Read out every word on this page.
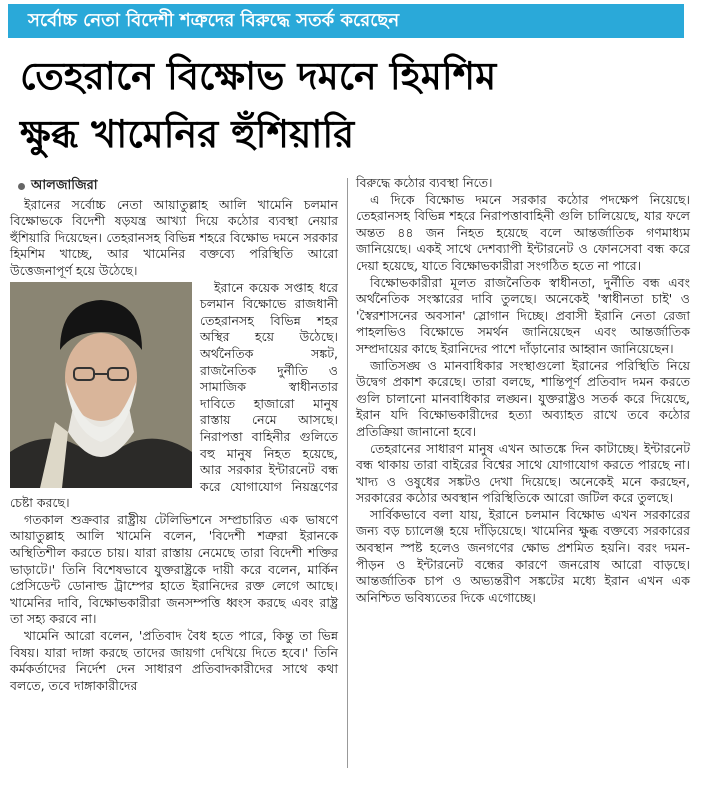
সর্বোচ্চ নেতা বিদেশী শত্রুদের বিরুদ্ধে সতর্ক করেছেন
তেহরানে বিক্ষোভ দমনে হিমশিম
ক্ষুব্ধ খামেনির হুঁশিয়ারি
আলজাজিরা

ইরানের সর্বোচ্চ নেতা আয়াতুল্লাহ আলি খামেনি চলমান বিক্ষোভকে বিদেশী ষড়যন্ত্র আখ্যা দিয়ে কঠোর ব্যবস্থা নেয়ার হুঁশিয়ারি দিয়েছেন। তেহরানসহ বিভিন্ন শহরে বিক্ষোভ দমনে সরকার হিমশিম খাচ্ছে, আর খামেনির বক্তব্যে পরিস্থিতি আরো উত্তেজনাপূর্ণ হয়ে উঠেছে।

ইরানে কয়েক সপ্তাহ ধরে চলমান বিক্ষোভে রাজধানী তেহরানসহ বিভিন্ন শহর অস্থির হয়ে উঠেছে। অর্থনৈতিক সঙ্কট, রাজনৈতিক দুর্নীতি ও সামাজিক স্বাধীনতার দাবিতে হাজারো মানুষ রাস্তায় নেমে আসছে। নিরাপত্তা বাহিনীর গুলিতে বহু মানুষ নিহত হয়েছে, আর সরকার ইন্টারনেট বন্ধ করে যোগাযোগ নিয়ন্ত্রণের চেষ্টা করছে।

গতকাল শুক্রবার রাষ্ট্রীয় টেলিভিশনে সম্প্রচারিত এক ভাষণে আয়াতুল্লাহ আলি খামেনি বলেন, 'বিদেশী শত্রুরা ইরানকে অস্থিতিশীল করতে চায়। যারা রাস্তায় নেমেছে তারা বিদেশী শক্তির ভাড়াটে।' তিনি বিশেষভাবে যুক্তরাষ্ট্রকে দায়ী করে বলেন, মার্কিন প্রেসিডেন্ট ডোনাল্ড ট্রাম্পের হাতে ইরানিদের রক্ত লেগে আছে। খামেনির দাবি, বিক্ষোভকারীরা জনসম্পত্তি ধ্বংস করছে এবং রাষ্ট্র তা সহ্য করবে না।

খামেনি আরো বলেন, 'প্রতিবাদ বৈধ হতে পারে, কিন্তু তা ভিন্ন বিষয়। যারা দাঙ্গা করছে তাদের জায়গা দেখিয়ে দিতে হবে।' তিনি কর্মকর্তাদের নির্দেশ দেন সাধারণ প্রতিবাদকারীদের সাথে কথা বলতে, তবে দাঙ্গাকারীদের

বিরুদ্ধে কঠোর ব্যবস্থা নিতে।

এ দিকে বিক্ষোভ দমনে সরকার কঠোর পদক্ষেপ নিয়েছে। তেহরানসহ বিভিন্ন শহরে নিরাপত্তাবাহিনী গুলি চালিয়েছে, যার ফলে অন্তত ৪৪ জন নিহত হয়েছে বলে আন্তর্জাতিক গণমাধ্যম জানিয়েছে। একই সাথে দেশব্যাপী ইন্টারনেট ও ফোনসেবা বন্ধ করে দেয়া হয়েছে, যাতে বিক্ষোভকারীরা সংগঠিত হতে না পারে।

বিক্ষোভকারীরা মূলত রাজনৈতিক স্বাধীনতা, দুর্নীতি বন্ধ এবং অর্থনৈতিক সংস্কারের দাবি তুলছে। অনেকেই 'স্বাধীনতা চাই' ও 'স্বৈরশাসনের অবসান' স্লোগান দিচ্ছে। প্রবাসী ইরানি নেতা রেজা পাহলভিও বিক্ষোভে সমর্থন জানিয়েছেন এবং আন্তর্জাতিক সম্প্রদায়ের কাছে ইরানিদের পাশে দাঁড়ানোর আহ্বান জানিয়েছেন।

জাতিসঙ্ঘ ও মানবাধিকার সংস্থাগুলো ইরানের পরিস্থিতি নিয়ে উদ্বেগ প্রকাশ করেছে। তারা বলছে, শান্তিপূর্ণ প্রতিবাদ দমন করতে গুলি চালানো মানবাধিকার লঙ্ঘন। যুক্তরাষ্ট্রও সতর্ক করে দিয়েছে, ইরান যদি বিক্ষোভকারীদের হত্যা অব্যাহত রাখে তবে কঠোর প্রতিক্রিয়া জানানো হবে।

তেহরানের সাধারণ মানুষ এখন আতঙ্কে দিন কাটাচ্ছে। ইন্টারনেট বন্ধ থাকায় তারা বাইরের বিশ্বের সাথে যোগাযোগ করতে পারছে না। খাদ্য ও ওষুধের সঙ্কটও দেখা দিয়েছে। অনেকেই মনে করছেন, সরকারের কঠোর অবস্থান পরিস্থিতিকে আরো জটিল করে তুলছে।

সার্বিকভাবে বলা যায়, ইরানে চলমান বিক্ষোভ এখন সরকারের জন্য বড় চ্যালেঞ্জ হয়ে দাঁড়িয়েছে। খামেনির ক্ষুব্ধ বক্তব্যে সরকারের অবস্থান স্পষ্ট হলেও জনগণের ক্ষোভ প্রশমিত হয়নি। বরং দমন-পীড়ন ও ইন্টারনেট বন্ধের কারণে জনরোষ আরো বাড়ছে। আন্তর্জাতিক চাপ ও অভ্যন্তরীণ সঙ্কটের মধ্যে ইরান এখন এক অনিশ্চিত ভবিষ্যতের দিকে এগোচ্ছে।
